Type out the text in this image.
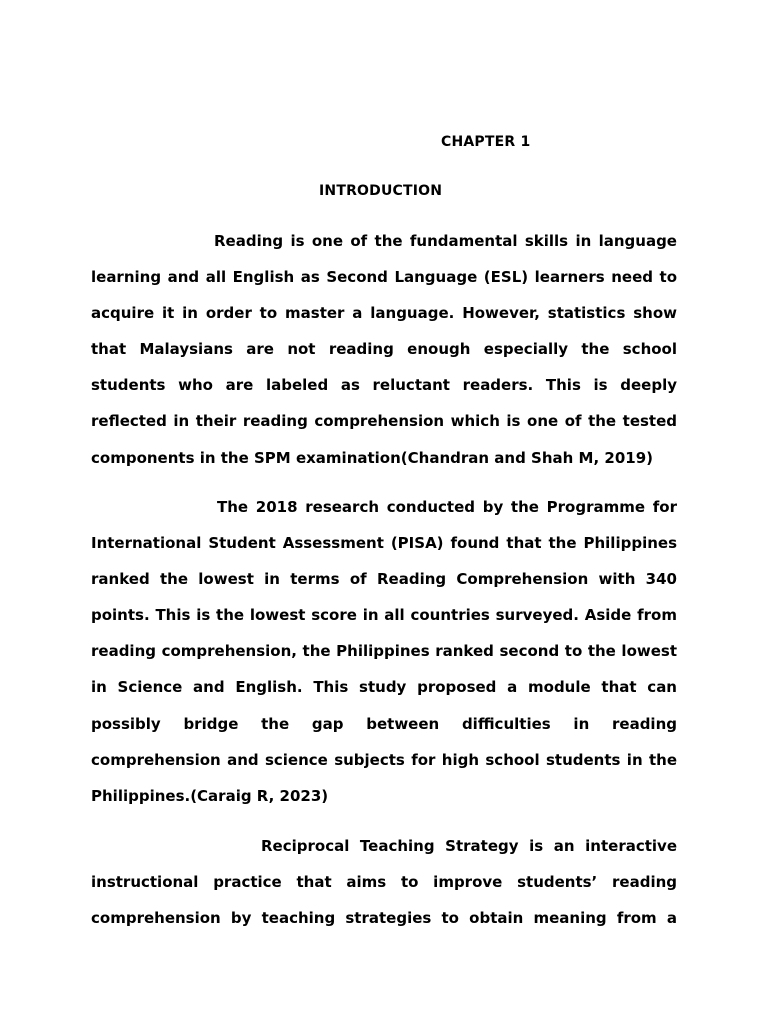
CHAPTER 1
INTRODUCTION

Reading is one of the fundamental skills in language learning and all English as Second Language (ESL) learners need to acquire it in order to master a language. However, statistics show that Malaysians are not reading enough especially the school students who are labeled as reluctant readers. This is deeply reflected in their reading comprehension which is one of the tested components in the SPM examination(Chandran and Shah M, 2019)

The 2018 research conducted by the Programme for International Student Assessment (PISA) found that the Philippines ranked the lowest in terms of Reading Comprehension with 340 points. This is the lowest score in all countries surveyed. Aside from reading comprehension, the Philippines ranked second to the lowest in Science and English. This study proposed a module that can possibly bridge the gap between difficulties in reading comprehension and science subjects for high school students in the Philippines.(Caraig R, 2023)

Reciprocal Teaching Strategy is an interactive instructional practice that aims to improve students’ reading comprehension by teaching strategies to obtain meaning from a
